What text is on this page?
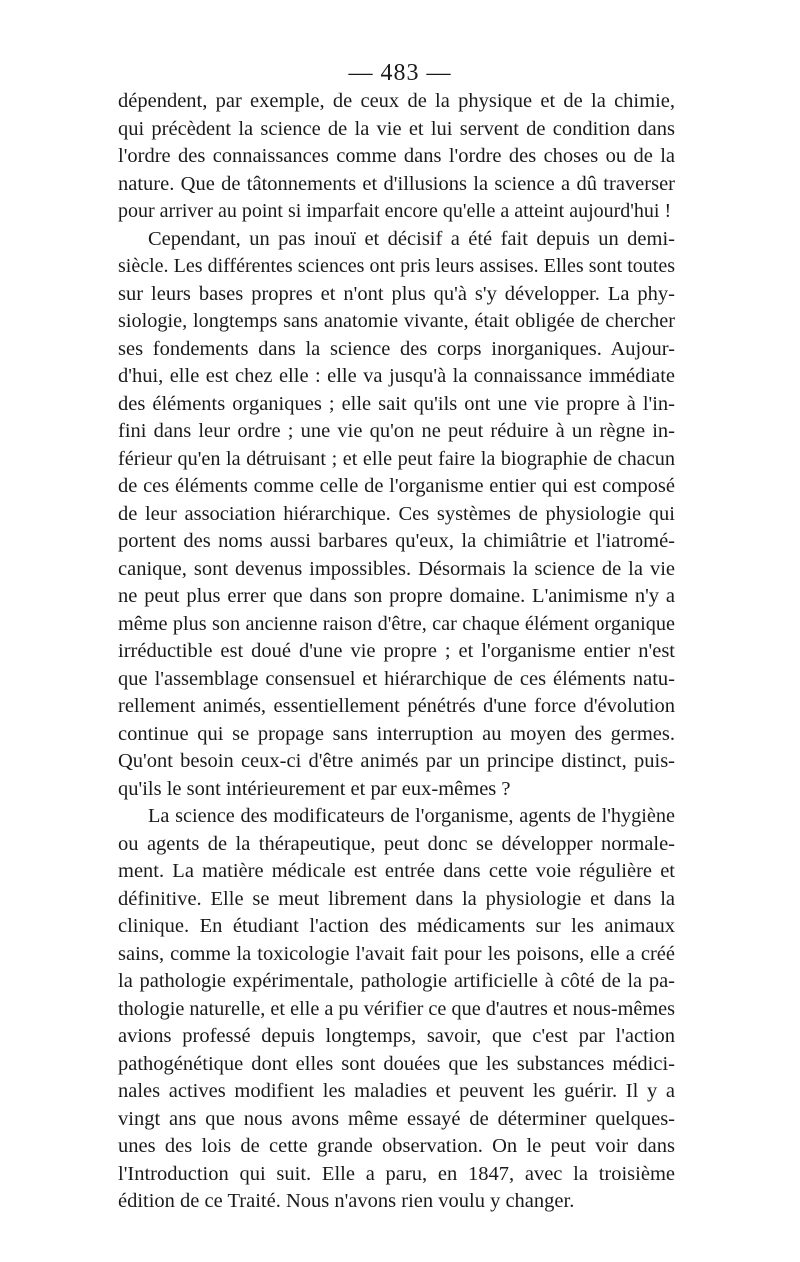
— 483 —
dépendent, par exemple, de ceux de la physique et de la chimie,
qui précèdent la science de la vie et lui servent de condition dans
l'ordre des connaissances comme dans l'ordre des choses ou de la
nature. Que de tâtonnements et d'illusions la science a dû traverser
pour arriver au point si imparfait encore qu'elle a atteint aujourd'hui !
Cependant, un pas inouï et décisif a été fait depuis un demi-
siècle. Les différentes sciences ont pris leurs assises. Elles sont toutes
sur leurs bases propres et n'ont plus qu'à s'y développer. La phy-
siologie, longtemps sans anatomie vivante, était obligée de chercher
ses fondements dans la science des corps inorganiques. Aujour-
d'hui, elle est chez elle : elle va jusqu'à la connaissance immédiate
des éléments organiques ; elle sait qu'ils ont une vie propre à l'in-
fini dans leur ordre ; une vie qu'on ne peut réduire à un règne in-
férieur qu'en la détruisant ; et elle peut faire la biographie de chacun
de ces éléments comme celle de l'organisme entier qui est composé
de leur association hiérarchique. Ces systèmes de physiologie qui
portent des noms aussi barbares qu'eux, la chimiâtrie et l'iatromé-
canique, sont devenus impossibles. Désormais la science de la vie
ne peut plus errer que dans son propre domaine. L'animisme n'y a
même plus son ancienne raison d'être, car chaque élément organique
irréductible est doué d'une vie propre ; et l'organisme entier n'est
que l'assemblage consensuel et hiérarchique de ces éléments natu-
rellement animés, essentiellement pénétrés d'une force d'évolution
continue qui se propage sans interruption au moyen des germes.
Qu'ont besoin ceux-ci d'être animés par un principe distinct, puis-
qu'ils le sont intérieurement et par eux-mêmes ?
La science des modificateurs de l'organisme, agents de l'hygiène
ou agents de la thérapeutique, peut donc se développer normale-
ment. La matière médicale est entrée dans cette voie régulière et
définitive. Elle se meut librement dans la physiologie et dans la
clinique. En étudiant l'action des médicaments sur les animaux
sains, comme la toxicologie l'avait fait pour les poisons, elle a créé
la pathologie expérimentale, pathologie artificielle à côté de la pa-
thologie naturelle, et elle a pu vérifier ce que d'autres et nous-mêmes
avions professé depuis longtemps, savoir, que c'est par l'action
pathogénétique dont elles sont douées que les substances médici-
nales actives modifient les maladies et peuvent les guérir. Il y a
vingt ans que nous avons même essayé de déterminer quelques-
unes des lois de cette grande observation. On le peut voir dans
l'Introduction qui suit. Elle a paru, en 1847, avec la troisième
édition de ce Traité. Nous n'avons rien voulu y changer.
